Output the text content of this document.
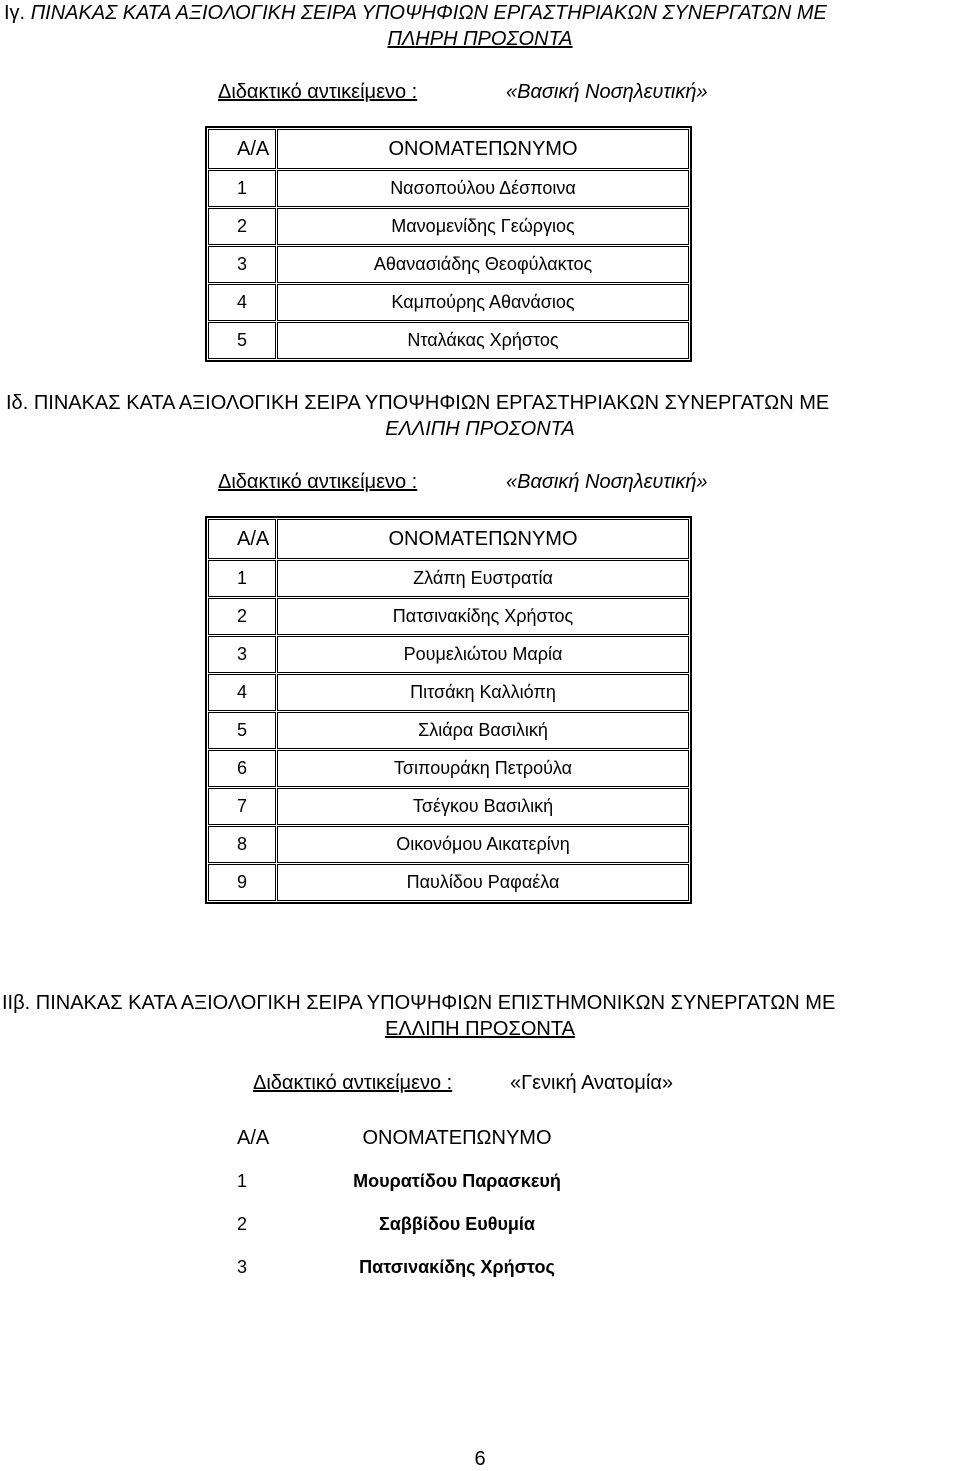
Ιγ. ΠΙΝΑΚΑΣ ΚΑΤΑ ΑΞΙΟΛΟΓΙΚΗ ΣΕΙΡΑ ΥΠΟΨΗΦΙΩΝ ΕΡΓΑΣΤΗΡΙΑΚΩΝ ΣΥΝΕΡΓΑΤΩΝ ΜΕ
ΠΛΗΡΗ ΠΡΟΣΟΝΤΑ
Διδακτικό αντικείμενο :	«Βασική Νοσηλευτική»
Α/Α	ΟΝΟΜΑΤΕΠΩΝΥΜΟ
1	Νασοπούλου Δέσποινα
2	Μανομενίδης Γεώργιος
3	Αθανασιάδης Θεοφύλακτος
4	Καμπούρης Αθανάσιος
5	Νταλάκας Χρήστος
Ιδ. ΠΙΝΑΚΑΣ ΚΑΤΑ ΑΞΙΟΛΟΓΙΚΗ ΣΕΙΡΑ ΥΠΟΨΗΦΙΩΝ ΕΡΓΑΣΤΗΡΙΑΚΩΝ ΣΥΝΕΡΓΑΤΩΝ ΜΕ
ΕΛΛΙΠΗ ΠΡΟΣΟΝΤΑ
Διδακτικό αντικείμενο :	«Βασική Νοσηλευτική»
Α/Α	ΟΝΟΜΑΤΕΠΩΝΥΜΟ
1	Ζλάπη Ευστρατία
2	Πατσινακίδης Χρήστος
3	Ρουμελιώτου Μαρία
4	Πιτσάκη Καλλιόπη
5	Σλιάρα Βασιλική
6	Τσιπουράκη Πετρούλα
7	Τσέγκου Βασιλική
8	Οικονόμου Αικατερίνη
9	Παυλίδου Ραφαέλα
ΙΙβ. ΠΙΝΑΚΑΣ ΚΑΤΑ ΑΞΙΟΛΟΓΙΚΗ ΣΕΙΡΑ ΥΠΟΨΗΦΙΩΝ ΕΠΙΣΤΗΜΟΝΙΚΩΝ ΣΥΝΕΡΓΑΤΩΝ ΜΕ
ΕΛΛΙΠΗ ΠΡΟΣΟΝΤΑ
Διδακτικό αντικείμενο :	«Γενική Ανατομία»
Α/Α	ΟΝΟΜΑΤΕΠΩΝΥΜΟ
1	Μουρατίδου Παρασκευή
2	Σαββίδου Ευθυμία
3	Πατσινακίδης Χρήστος
6
